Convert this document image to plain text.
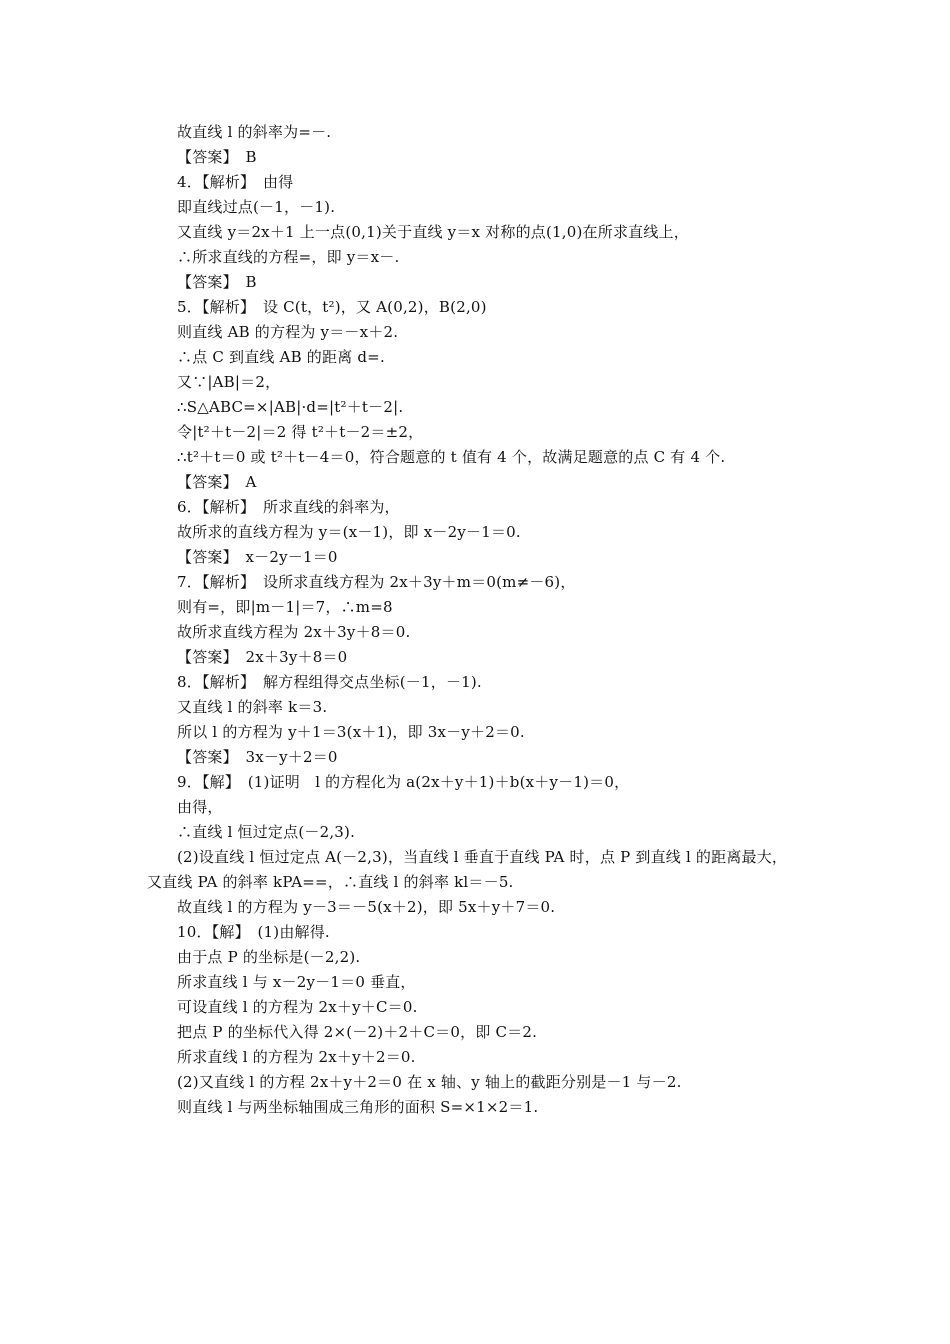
故直线 l 的斜率为=－.
【答案】　B
4．【解析】　由得
即直线过点(－1，－1).
又直线 y＝2x＋1 上一点(0,1)关于直线 y＝x 对称的点(1,0)在所求直线上，
∴所求直线的方程=，即 y＝x－.
【答案】　B
5．【解析】　设 C(t，t²)，又 A(0,2)，B(2,0)
则直线 AB 的方程为 y＝－x＋2.
∴点 C 到直线 AB 的距离 d=.
又∵|AB|＝2，
∴S△ABC=×|AB|·d=|t²＋t－2|.
令|t²＋t－2|＝2 得 t²＋t－2＝±2，
∴t²＋t＝0 或 t²＋t－4＝0，符合题意的 t 值有 4 个，故满足题意的点 C 有 4 个.
【答案】　A
6．【解析】　所求直线的斜率为，
故所求的直线方程为 y＝(x－1)，即 x－2y－1＝0.
【答案】　x－2y－1＝0
7．【解析】　设所求直线方程为 2x＋3y＋m＝0(m≠－6)，
则有=，即|m－1|＝7，∴m=8
故所求直线方程为 2x＋3y＋8＝0.
【答案】　2x＋3y＋8＝0
8．【解析】　解方程组得交点坐标(－1，－1).
又直线 l 的斜率 k＝3.
所以 l 的方程为 y＋1＝3(x＋1)，即 3x－y＋2＝0.
【答案】　3x－y＋2＝0
9．【解】　(1)证明　l 的方程化为 a(2x＋y＋1)＋b(x＋y－1)＝0，
由得，
∴直线 l 恒过定点(－2,3).
(2)设直线 l 恒过定点 A(－2,3)，当直线 l 垂直于直线 PA 时，点 P 到直线 l 的距离最大，
又直线 PA 的斜率 kPA==，∴直线 l 的斜率 kl＝－5.
故直线 l 的方程为 y－3＝－5(x＋2)，即 5x＋y＋7＝0.
10．【解】　(1)由解得.
由于点 P 的坐标是(－2,2).
所求直线 l 与 x－2y－1＝0 垂直，
可设直线 l 的方程为 2x＋y＋C＝0.
把点 P 的坐标代入得 2×(－2)＋2＋C＝0，即 C＝2.
所求直线 l 的方程为 2x＋y＋2＝0.
(2)又直线 l 的方程 2x＋y＋2＝0 在 x 轴、y 轴上的截距分别是－1 与－2.
则直线 l 与两坐标轴围成三角形的面积 S=×1×2＝1.
